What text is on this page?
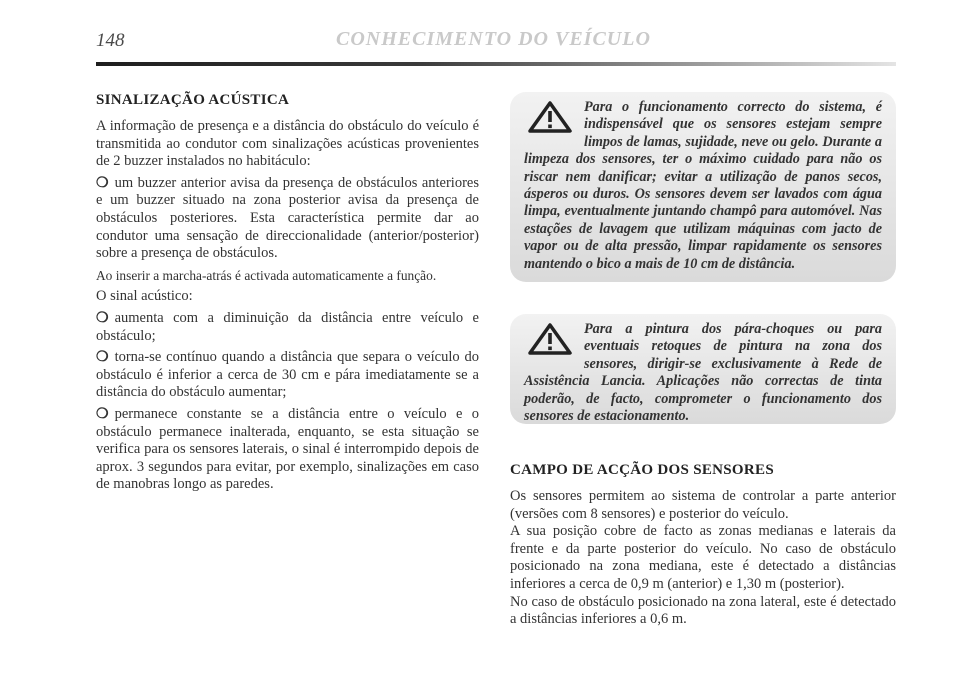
148	CONHECIMENTO DO VEÍCULO
SINALIZAÇÃO ACÚSTICA

A informação de presença e a distância do obstáculo do veículo é transmitida ao condutor com sinalizações acústicas provenientes de 2 buzzer instalados no habitáculo:

❍ um buzzer anterior avisa da presença de obstáculos anteriores e um buzzer situado na zona posterior avisa da presença de obstáculos posteriores. Esta característica permite dar ao condutor uma sensação de direccionalidade (anterior/posterior) sobre a presença de obstáculos.

Ao inserir a marcha-atrás é activada automaticamente a função.

O sinal acústico:

❍ aumenta com a diminuição da distância entre veículo e obstáculo;

❍ torna-se contínuo quando a distância que separa o veículo do obstáculo é inferior a cerca de 30 cm e pára imediatamente se a distância do obstáculo aumentar;

❍ permanece constante se a distância entre o veículo e o obstáculo permanece inalterada, enquanto, se esta situação se verifica para os sensores laterais, o sinal é interrompido depois de aprox. 3 segundos para evitar, por exemplo, sinalizações em caso de manobras longo as paredes.

Para o funcionamento correcto do sistema, é indispensável que os sensores estejam sempre limpos de lamas, sujidade, neve ou gelo. Durante a limpeza dos sensores, ter o máximo cuidado para não os riscar nem danificar; evitar a utilização de panos secos, ásperos ou duros. Os sensores devem ser lavados com água limpa, eventualmente juntando champô para automóvel. Nas estações de lavagem que utilizam máquinas com jacto de vapor ou de alta pressão, limpar rapidamente os sensores mantendo o bico a mais de 10 cm de distância.
Para a pintura dos pára-choques ou para eventuais retoques de pintura na zona dos sensores, dirigir-se exclusivamente à Rede de Assistência Lancia. Aplicações não correctas de tinta poderão, de facto, comprometer o funcionamento dos sensores de estacionamento.
CAMPO DE ACÇÃO DOS SENSORES

Os sensores permitem ao sistema de controlar a parte anterior (versões com 8 sensores) e posterior do veículo.

A sua posição cobre de facto as zonas medianas e laterais da frente e da parte posterior do veículo. No caso de obstáculo posicionado na zona mediana, este é detectado a distâncias inferiores a cerca de 0,9 m (anterior) e 1,30 m (posterior).

No caso de obstáculo posicionado na zona lateral, este é detectado a distâncias inferiores a 0,6 m.
